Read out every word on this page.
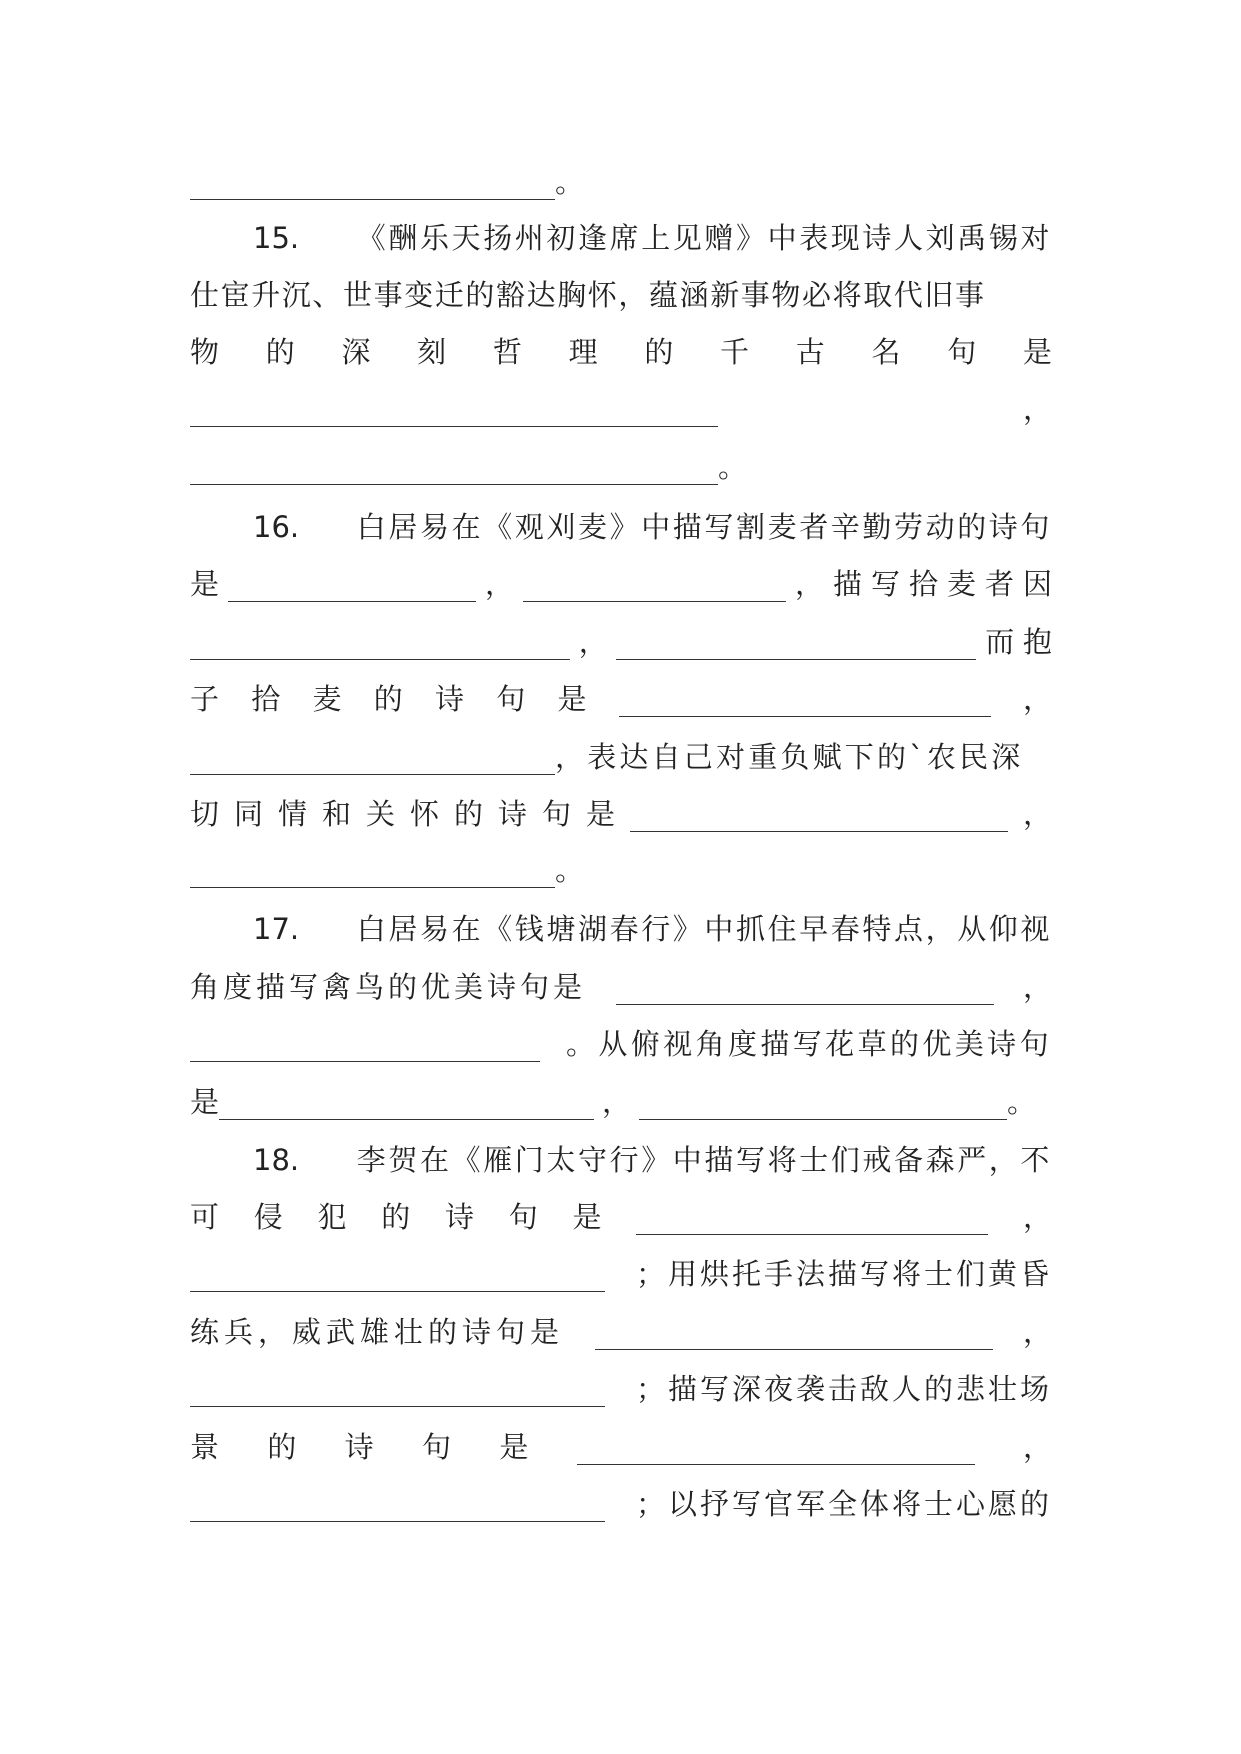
。
15. 《酬乐天扬州初逢席上见赠》中表现诗人刘禹锡对
仕宦升沉、世事变迁的豁达胸怀，蕴涵新事物必将取代旧事
物 的 深 刻 哲 理 的 千 古 名 句 是
，
。
16. 白居易在《观刈麦》中描写割麦者辛勤劳动的诗句
是	，	， 描 写 拾 麦 者 因
，	而 抱
子 拾 麦 的 诗 句 是	，
，表达自己对重负赋下的`农民深
切 同 情 和 关 怀 的 诗 句 是	，
。
17. 白居易在《钱塘湖春行》中抓住早春特点，从仰视
角度描写禽鸟的优美诗句是	，
。从俯视角度描写花草的优美诗句
是	，	。
18. 李贺在《雁门太守行》中描写将士们戒备森严，不
可 侵 犯 的 诗 句 是	，
；用烘托手法描写将士们黄昏
练兵，威武雄壮的诗句是	，
；描写深夜袭击敌人的悲壮场
景 的 诗 句 是	，
；以抒写官军全体将士心愿的
